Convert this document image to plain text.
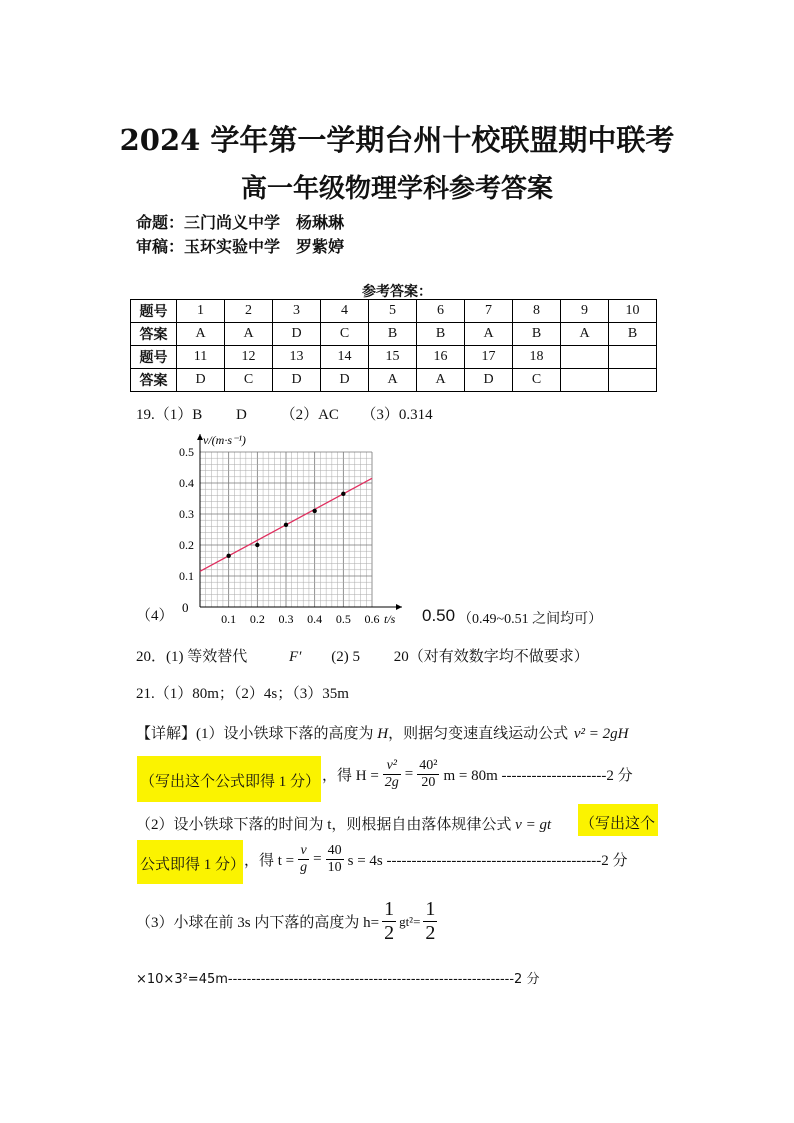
2024 学年第一学期台州十校联盟期中联考
高一年级物理学科参考答案
命题：三门尚义中学　杨琳琳
审稿：玉环实验中学　罗紫婷
参考答案：
题号	1	2	3	4	5	6	7	8	9	10
答案	A	A	D	C	B	B	A	B	A	B
题号	11	12	13	14	15	16	17	18		
答案	D	C	D	D	A	A	D	C		
19.（1）B　　 D　　 （2）AC　　（3）0.314
v/(m·s⁻¹)
t/s
0
0.1 0.2 0.3 0.4 0.5 0.6
0.1
0.2
0.3
0.4
0.5
（4）	0.50 （0.49~0.51 之间均可）
20．(1) 等效替代	F′ (2) 5　　 20（对有效数字均不做要求）
21.（1）80m；（2）4s；（3）35m
【详解】(1）设小铁球下落的高度为 H，则据匀变速直线运动公式 v² = 2gH
（写出这个公式即得 1 分） ，得 $H = \frac{\text{v²}}{2g} = \frac{\text{40²}}{20}$ m = 80m ---------------------2 分
（2）设小铁球下落的时间为 t，则根据自由落体规律公式 v = gt （写出这个
公式即得 1 分）
，得 $t = \frac{v}{g} = \frac{40}{10}$ s = 4s -------------------------------------------2 分
（3）小球在前 3s 内下落的高度为 $h= \frac{1}{2} gt^2= \frac{1}{2}$
×10×3²=45m-------------------------------------------------------------2 分
